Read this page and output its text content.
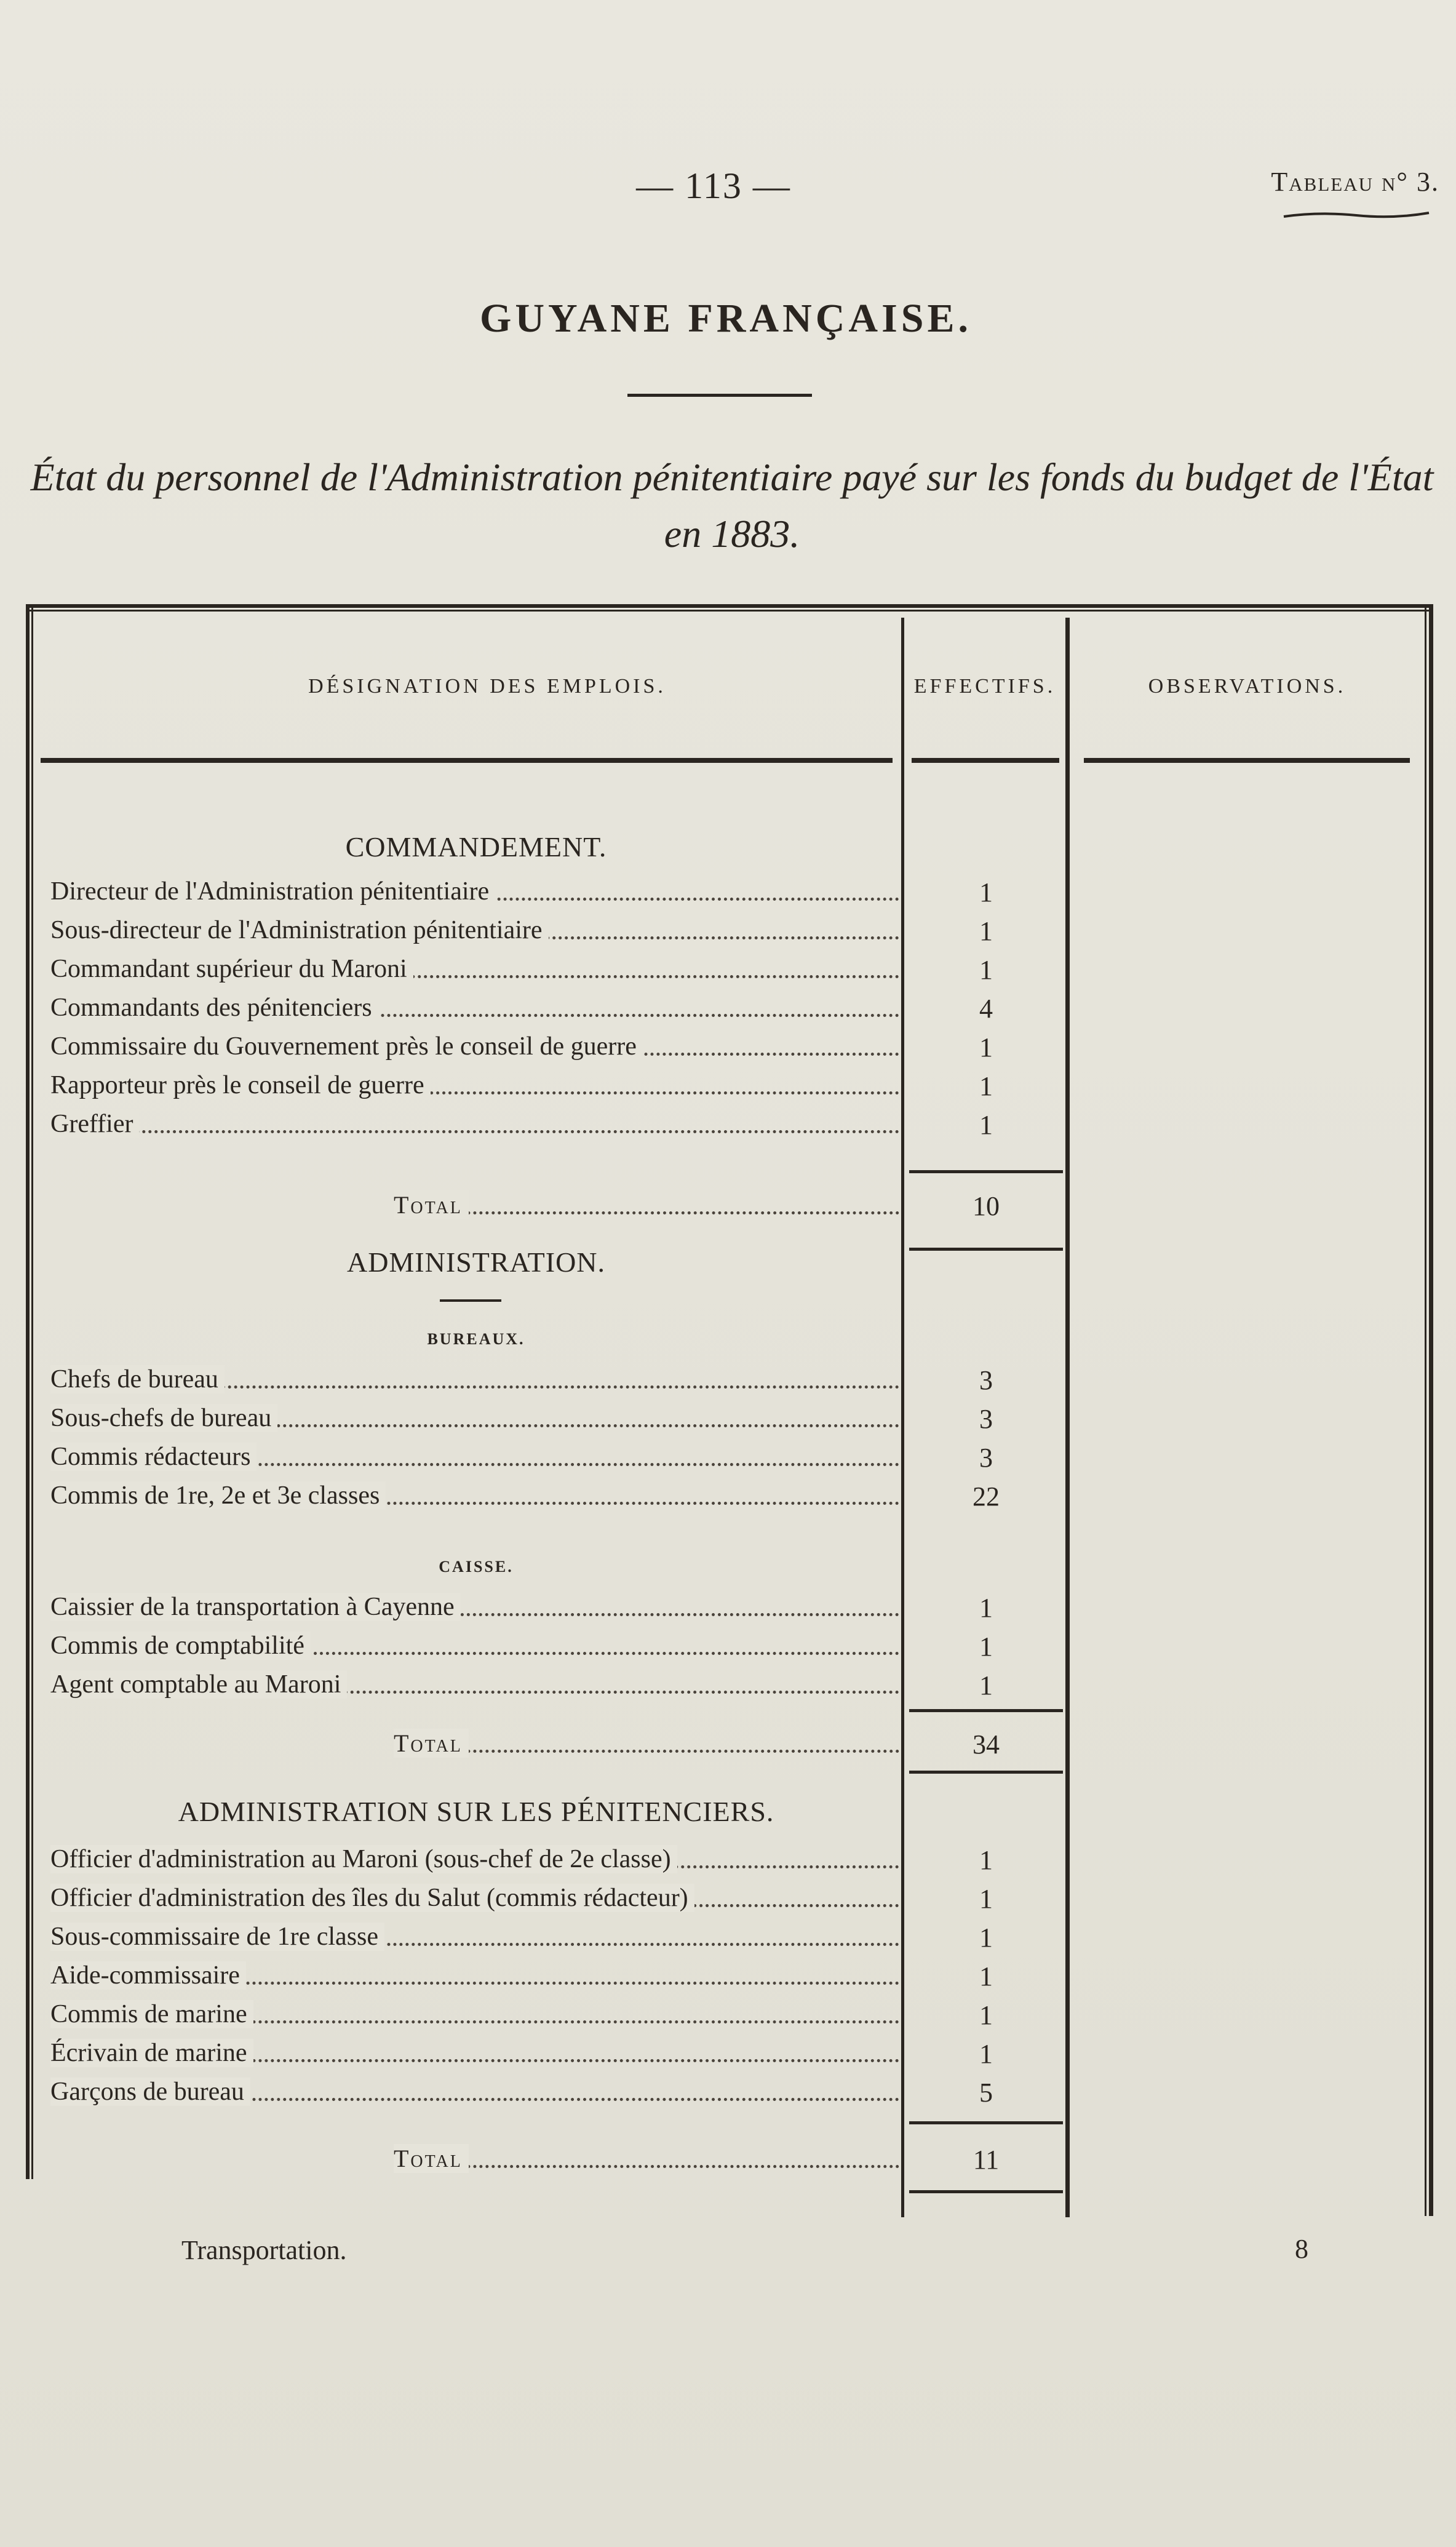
— 113 —	Tableau n° 3.
GUYANE FRANÇAISE.
État du personnel de l'Administration pénitentiaire payé sur les fonds du budget de l'État
en 1883.
DÉSIGNATION DES EMPLOIS.	EFFECTIFS.	OBSERVATIONS.
COMMANDEMENT.
Directeur de l'Administration pénitentiaire	1
Sous-directeur de l'Administration pénitentiaire	1
Commandant supérieur du Maroni	1
Commandants des pénitenciers	4
Commissaire du Gouvernement près le conseil de guerre	1
Rapporteur près le conseil de guerre	1
Greffier	1
Total	10
ADMINISTRATION.
BUREAUX.
Chefs de bureau	3
Sous-chefs de bureau	3
Commis rédacteurs	3
Commis de 1re, 2e et 3e classes	22
CAISSE.
Caissier de la transportation à Cayenne	1
Commis de comptabilité	1
Agent comptable au Maroni	1
Total	34
ADMINISTRATION SUR LES PÉNITENCIERS.
Officier d'administration au Maroni (sous-chef de 2e classe)	1
Officier d'administration des îles du Salut (commis rédacteur)	1
Sous-commissaire de 1re classe	1
Aide-commissaire	1
Commis de marine	1
Écrivain de marine	1
Garçons de bureau	5
Total	11
Transportation.	8
